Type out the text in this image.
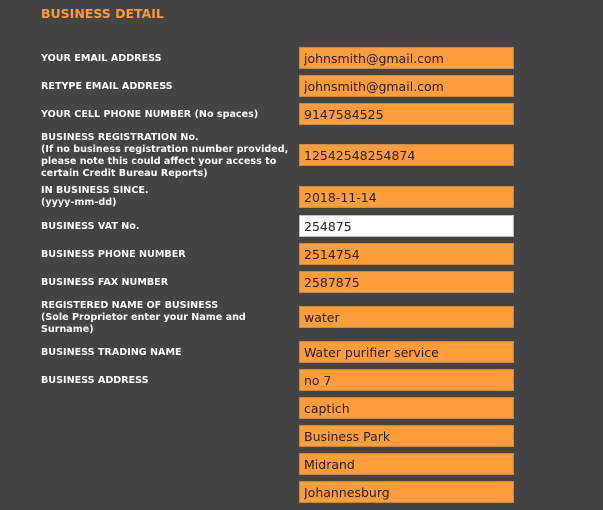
BUSINESS DETAIL
YOUR EMAIL ADDRESS
johnsmith@gmail.com
RETYPE EMAIL ADDRESS
johnsmith@gmail.com
YOUR CELL PHONE NUMBER (No spaces)
9147584525
BUSINESS REGISTRATION No.
(If no business registration number provided, please note this could affect your access to certain Credit Bureau Reports)
12542548254874
IN BUSINESS SINCE.
(yyyy-mm-dd)
2018-11-14
BUSINESS VAT No.
254875
BUSINESS PHONE NUMBER
2514754
BUSINESS FAX NUMBER
2587875
REGISTERED NAME OF BUSINESS
(Sole Proprietor enter your Name and Surname)
water
BUSINESS TRADING NAME
Water purifier service
BUSINESS ADDRESS
no 7
captich
Business Park
Midrand
Johannesburg
